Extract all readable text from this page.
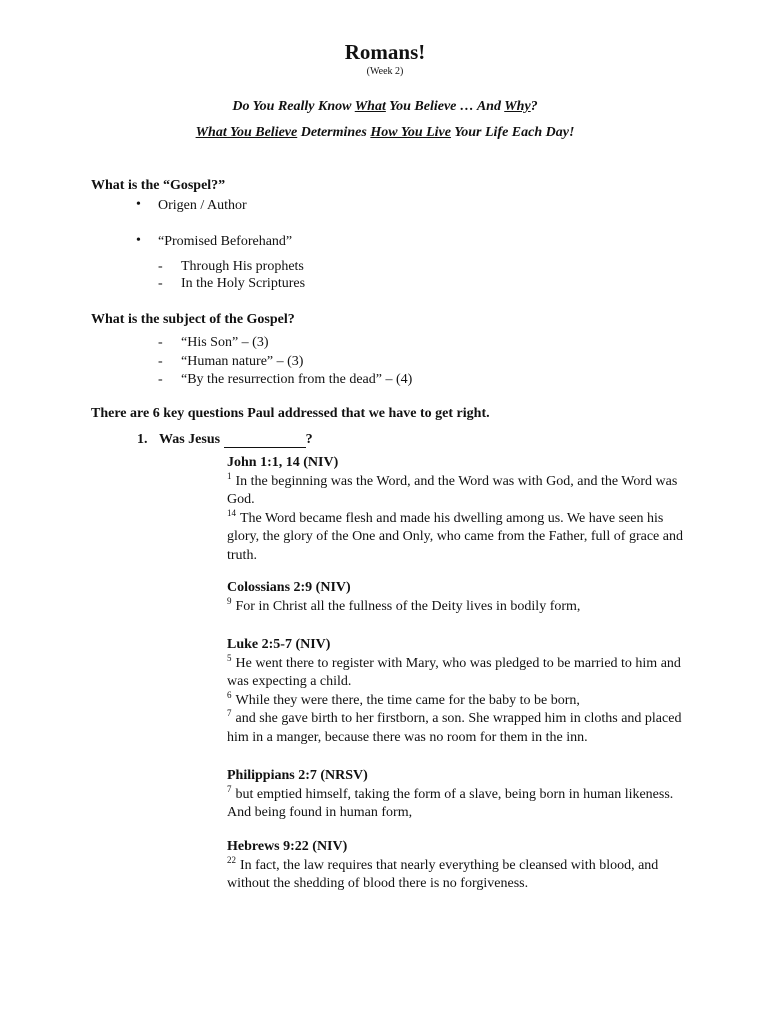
Romans!
(Week 2)
Do You Really Know What You Believe … And Why?
What You Believe Determines How You Live Your Life Each Day!
What is the “Gospel?”
• Origen / Author
• “Promised Beforehand”
- Through His prophets
- In the Holy Scriptures
What is the subject of the Gospel?
- “His Son” – (3)
- “Human nature” – (3)
- “By the resurrection from the dead” – (4)
There are 6 key questions Paul addressed that we have to get right.
1. Was Jesus	?

John 1:1, 14 (NIV)

$^1$ In the beginning was the Word, and the Word was with God, and the Word was God.

$^{14}$ The Word became flesh and made his dwelling among us. We have seen his glory, the glory of the One and Only, who came from the Father, full of grace and truth.

Colossians 2:9 (NIV)

$^9$ For in Christ all the fullness of the Deity lives in bodily form,

Luke 2:5-7 (NIV)

$^5$ He went there to register with Mary, who was pledged to be married to him and was expecting a child.

$^6$ While they were there, the time came for the baby to be born,

$^7$ and she gave birth to her firstborn, a son. She wrapped him in cloths and placed him in a manger, because there was no room for them in the inn.

Philippians 2:7 (NRSV)

$^7$ but emptied himself, taking the form of a slave, being born in human likeness. And being found in human form,

Hebrews 9:22 (NIV)

$^{22}$ In fact, the law requires that nearly everything be cleansed with blood, and without the shedding of blood there is no forgiveness.
